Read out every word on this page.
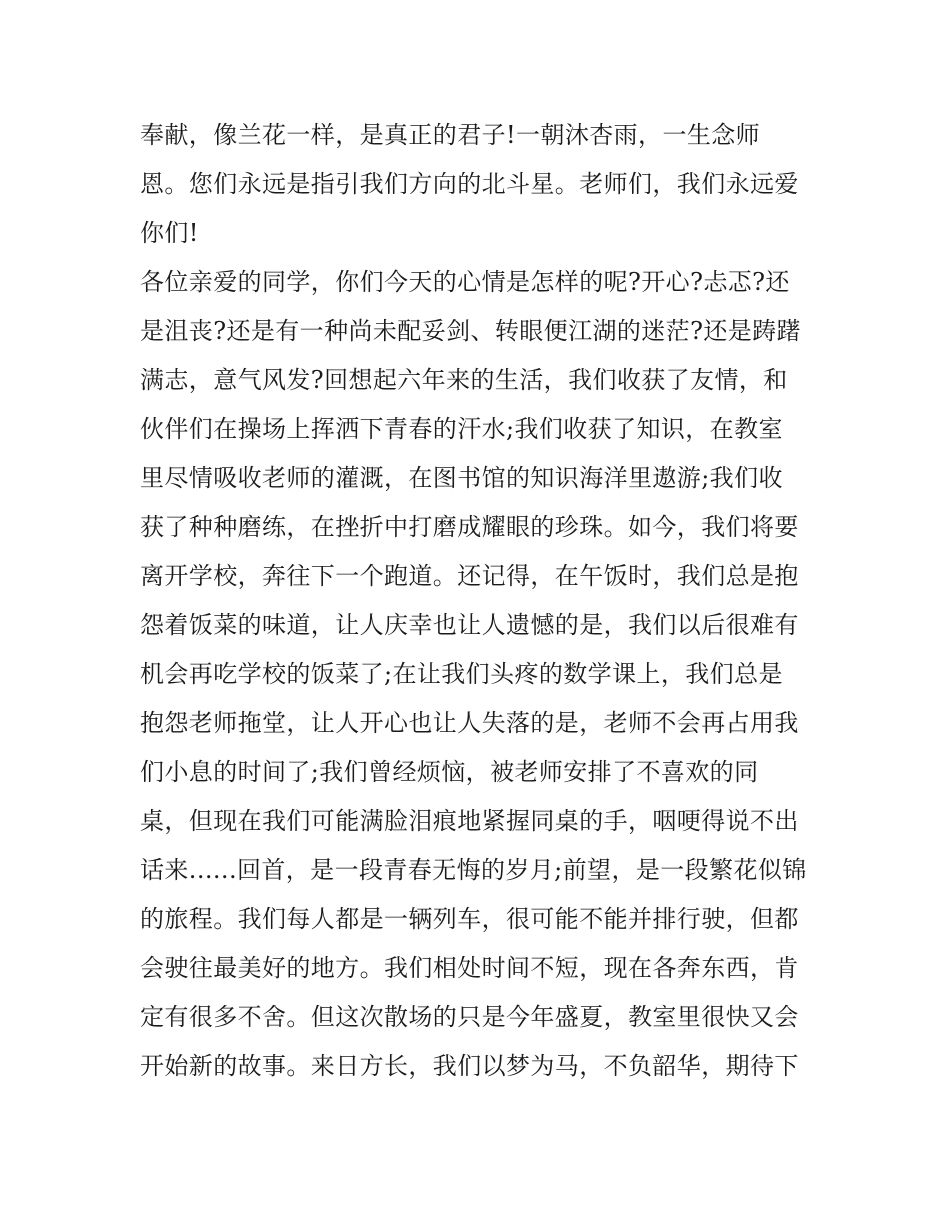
奉献，像兰花一样，是真正的君子!一朝沐杏雨，一生念师
恩。您们永远是指引我们方向的北斗星。老师们，我们永远爱
你们!
各位亲爱的同学，你们今天的心情是怎样的呢?开心?忐忑?还
是沮丧?还是有一种尚未配妥剑、转眼便江湖的迷茫?还是踌躇
满志，意气风发?回想起六年来的生活，我们收获了友情，和
伙伴们在操场上挥洒下青春的汗水;我们收获了知识，在教室
里尽情吸收老师的灌溉，在图书馆的知识海洋里遨游;我们收
获了种种磨练，在挫折中打磨成耀眼的珍珠。如今，我们将要
离开学校，奔往下一个跑道。还记得，在午饭时，我们总是抱
怨着饭菜的味道，让人庆幸也让人遗憾的是，我们以后很难有
机会再吃学校的饭菜了;在让我们头疼的数学课上，我们总是
抱怨老师拖堂，让人开心也让人失落的是，老师不会再占用我
们小息的时间了;我们曾经烦恼，被老师安排了不喜欢的同
桌，但现在我们可能满脸泪痕地紧握同桌的手，咽哽得说不出
话来......回首，是一段青春无悔的岁月;前望，是一段繁花似锦
的旅程。我们每人都是一辆列车，很可能不能并排行驶，但都
会驶往最美好的地方。我们相处时间不短，现在各奔东西，肯
定有很多不舍。但这次散场的只是今年盛夏，教室里很快又会
开始新的故事。来日方长，我们以梦为马，不负韶华，期待下
